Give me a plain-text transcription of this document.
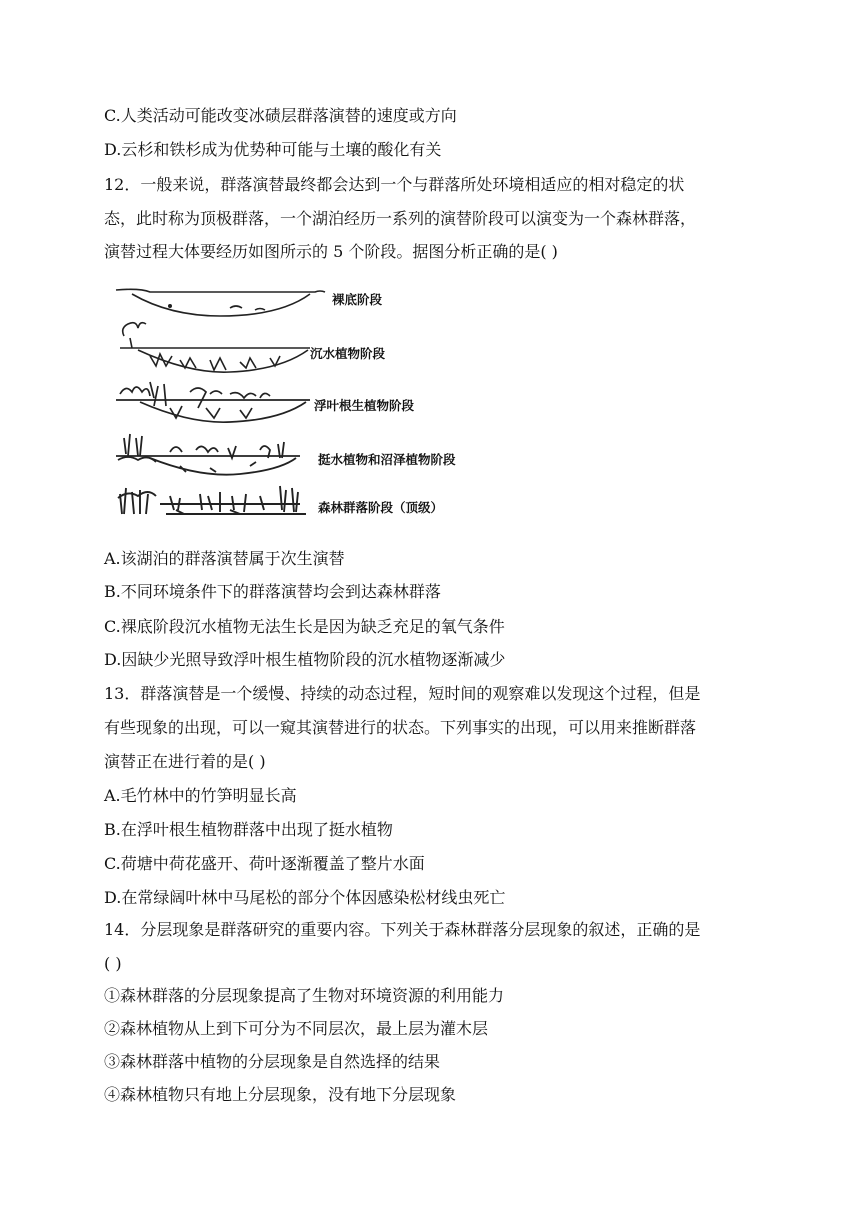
C.人类活动可能改变冰碛层群落演替的速度或方向
D.云杉和铁杉成为优势种可能与土壤的酸化有关
12．一般来说，群落演替最终都会达到一个与群落所处环境相适应的相对稳定的状
态，此时称为顶极群落，一个湖泊经历一系列的演替阶段可以演变为一个森林群落，
演替过程大体要经历如图所示的 5 个阶段。据图分析正确的是( )
裸底阶段
沉水植物阶段
浮叶根生植物阶段
挺水植物和沼泽植物阶段
森林群落阶段（顶级）
A.该湖泊的群落演替属于次生演替
B.不同环境条件下的群落演替均会到达森林群落
C.裸底阶段沉水植物无法生长是因为缺乏充足的氧气条件
D.因缺少光照导致浮叶根生植物阶段的沉水植物逐渐减少
13．群落演替是一个缓慢、持续的动态过程，短时间的观察难以发现这个过程，但是
有些现象的出现，可以一窥其演替进行的状态。下列事实的出现，可以用来推断群落
演替正在进行着的是( )
A.毛竹林中的竹笋明显长高
B.在浮叶根生植物群落中出现了挺水植物
C.荷塘中荷花盛开、荷叶逐渐覆盖了整片水面
D.在常绿阔叶林中马尾松的部分个体因感染松材线虫死亡
14．分层现象是群落研究的重要内容。下列关于森林群落分层现象的叙述，正确的是
( )
①森林群落的分层现象提高了生物对环境资源的利用能力
②森林植物从上到下可分为不同层次，最上层为灌木层
③森林群落中植物的分层现象是自然选择的结果
④森林植物只有地上分层现象，没有地下分层现象
